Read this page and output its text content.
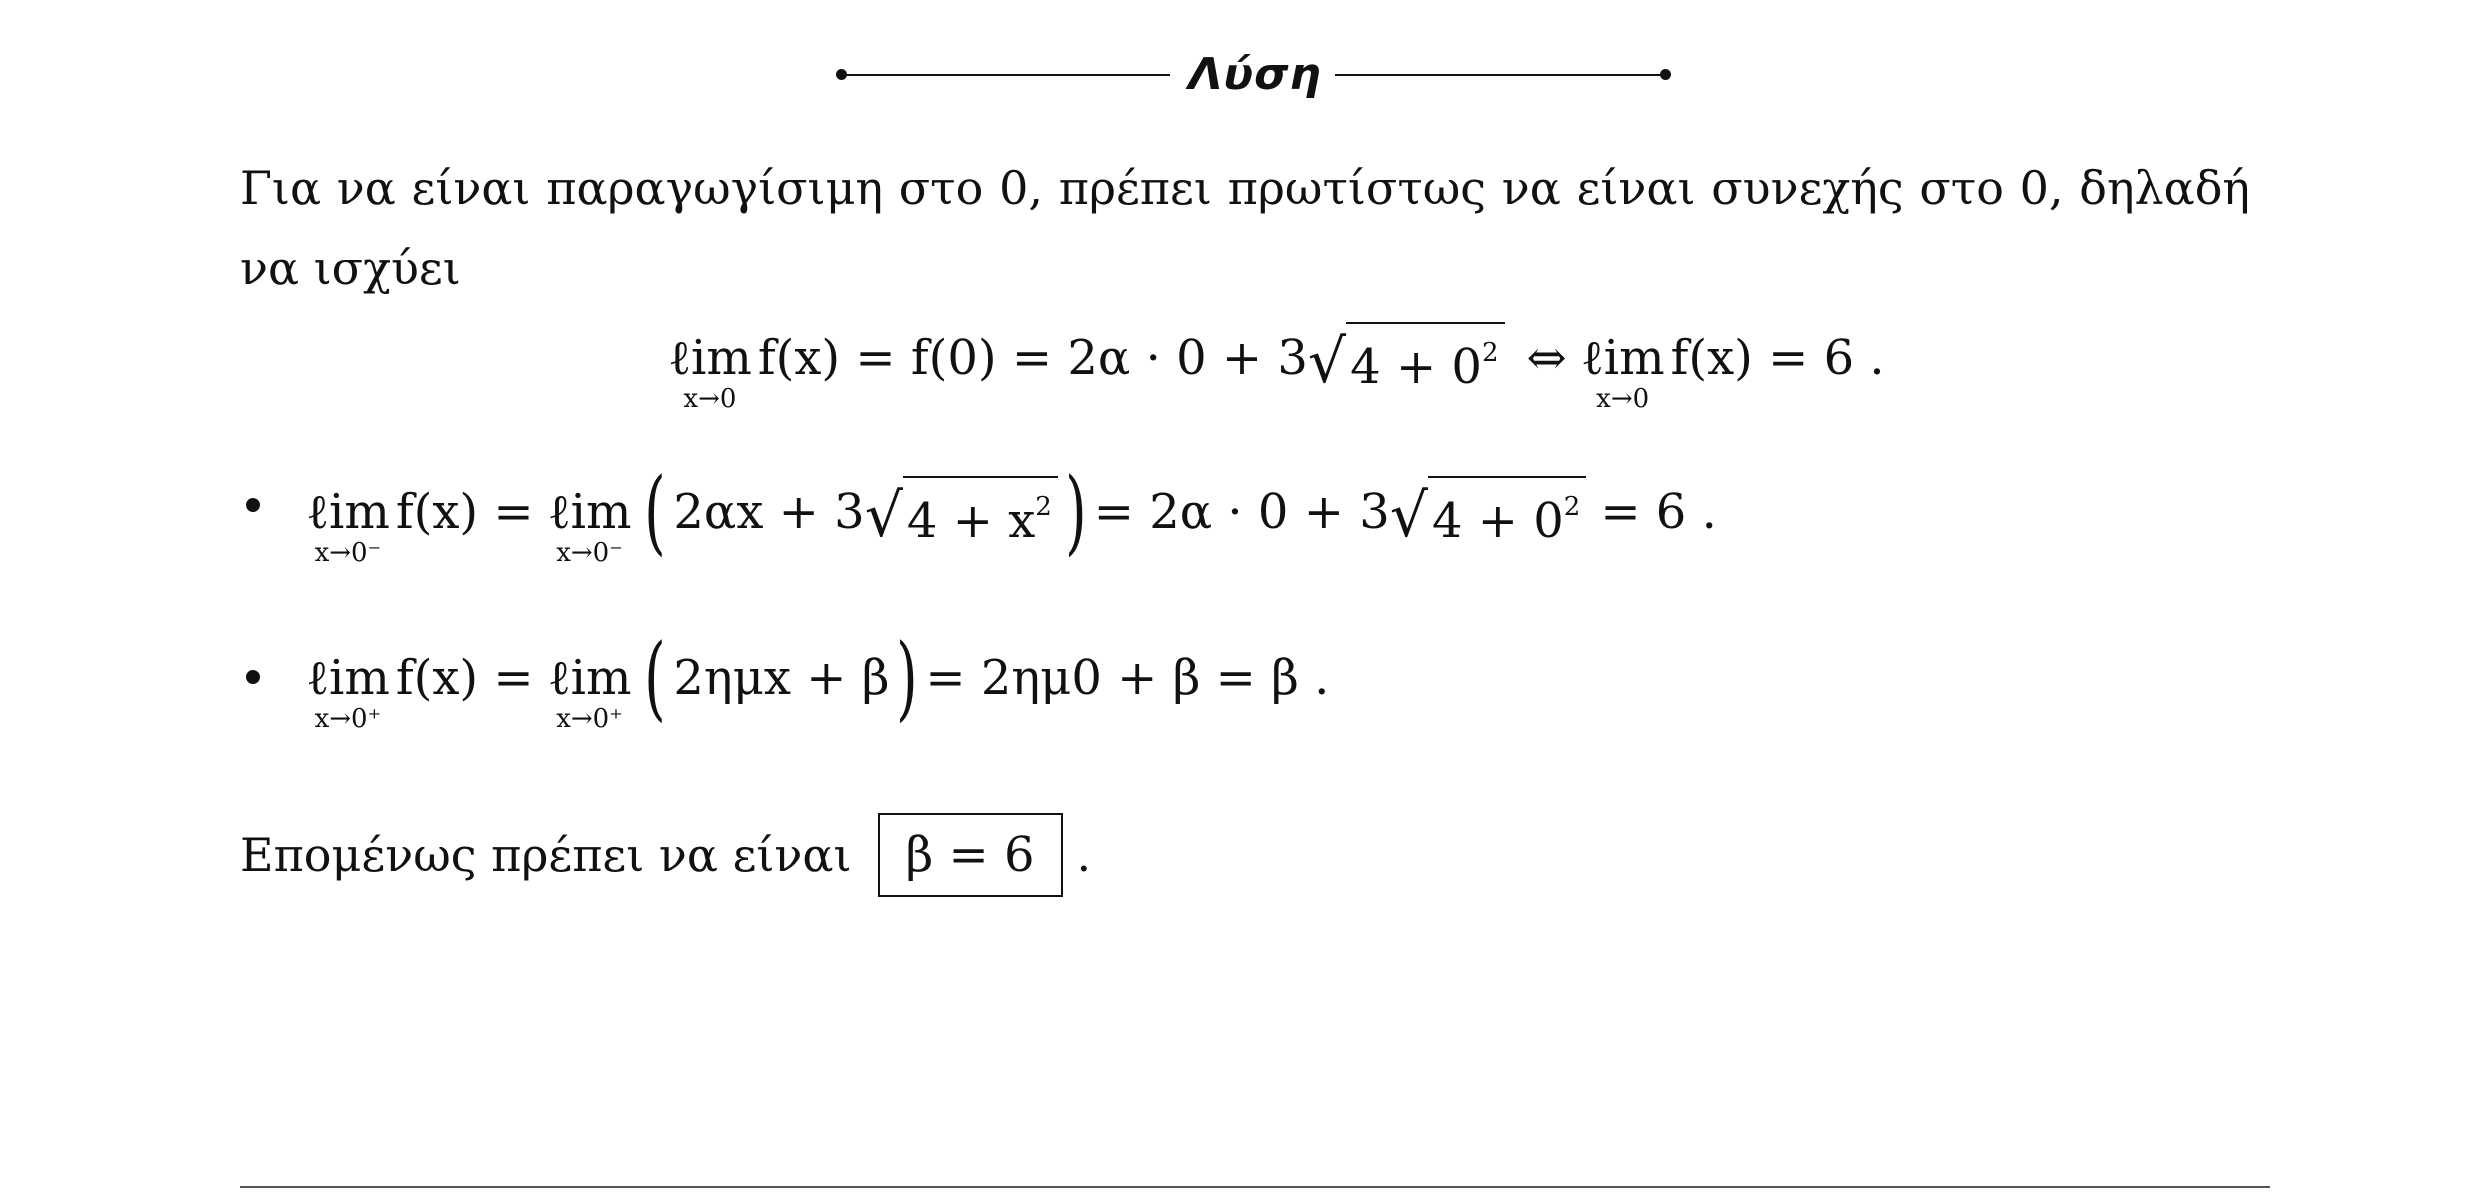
Λύση
Για να είναι παραγωγίσιμη στο 0, πρέπει πρωτίστως να είναι συνεχής στο 0, δηλαδή
να ισχύει
ℓim
x→0
f(x) = f(0) = 2α · 0 + 3 √ $4 + 0^2$ ⇔ ℓim
x→0
f(x) = 6 .
ℓim
x→0⁻
f(x) = ℓim
x→0⁻ ( 2αx + 3 √ $4 + x^2$ ) = 2α · 0 + 3 √ $4 + 0^2 = 6$ .
ℓim
x→0⁺
f(x) = ℓim
x→0⁺ ( 2ημx + β ) = 2ημ0 + β = β .
Επομένως πρέπει να είναι	β = 6 .
